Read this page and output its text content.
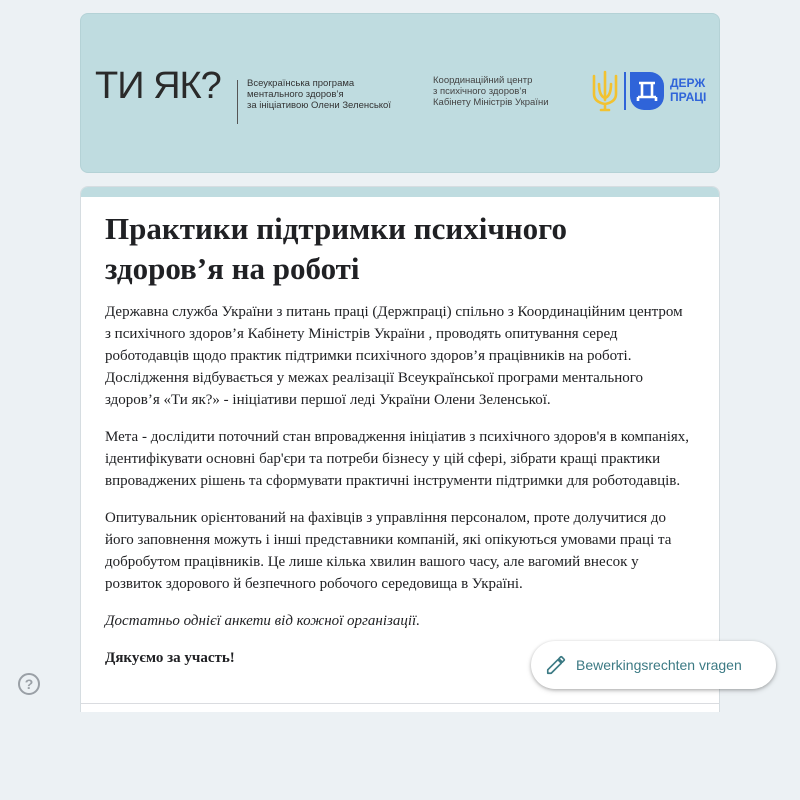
ТИ ЯК?	Всеукраїнська програма
ментального здоров’я
за ініціативою Олени Зеленської
Координаційний центр
з психічного здоров’я
Кабінету Міністрів України
ДЕРЖ
ПРАЦІ
Практики підтримки психічного здоров’я на роботі

Державна служба України з питань праці (Держпраці) спільно з Координаційним центром з психічного здоров’я Кабінету Міністрів України , проводять опитування серед роботодавців щодо практик підтримки психічного здоров’я працівників на роботі. Дослідження відбувається у межах реалізації Всеукраїнської програми ментального здоров’я «Ти як?» - ініціативи першої леді України Олени Зеленської.

Мета - дослідити поточний стан впровадження ініціатив з психічного здоров'я в компаніях, ідентифікувати основні бар'єри та потреби бізнесу у цій сфері, зібрати кращі практики впроваджених рішень та сформувати практичні інструменти підтримки для роботодавців.

Опитувальник орієнтований на фахівців з управління персоналом, проте долучитися до його заповнення можуть і інші представники компаній, які опікуються умовами праці та добробутом працівників. Це лише кілька хвилин вашого часу, але вагомий внесок у розвиток здорового й безпечного робочого середовища в Україні.

Достатньо однієї анкети від кожної організації.

Дякуємо за участь!

?
Bewerkingsrechten vragen
